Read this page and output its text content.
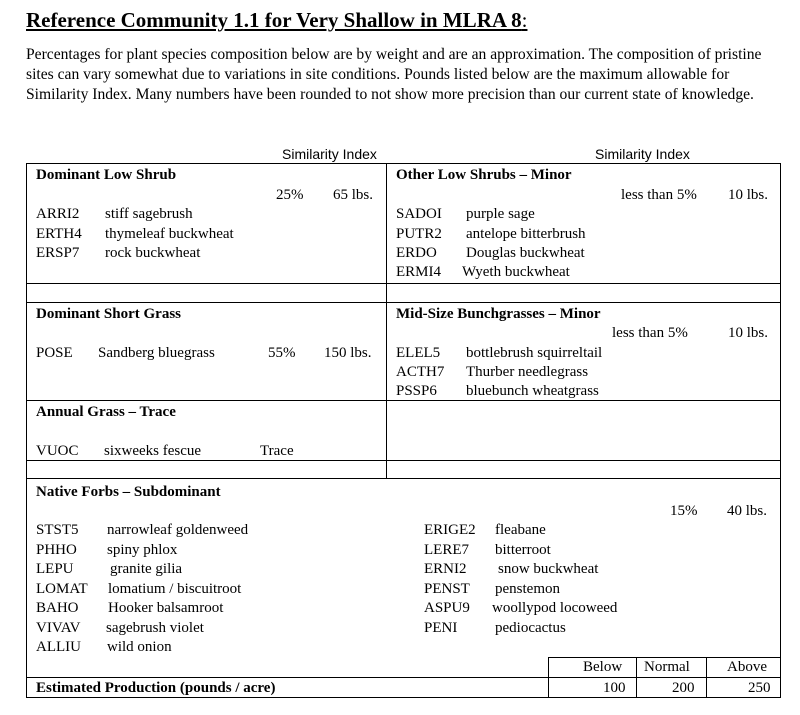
Reference Community 1.1 for Very Shallow in MLRA 8:
Percentages for plant species composition below are by weight and are an approximation. The composition of pristine sites can vary somewhat due to variations in site conditions. Pounds listed below are the maximum allowable for Similarity Index. Many numbers have been rounded to not show more precision than our current state of knowledge.
Similarity Index	Similarity Index
Dominant Low Shrub
25% 65 lbs.
ARRI2 stiff sagebrush
ERTH4 thymeleaf buckwheat
ERSP7 rock buckwheat
Other Low Shrubs – Minor
less than 5% 10 lbs.
SADOI purple sage
PUTR2 antelope bitterbrush
ERDO Douglas buckwheat
ERMI4 Wyeth buckwheat
Dominant Short Grass
POSE Sandberg bluegrass	55% 150 lbs.
Mid-Size Bunchgrasses – Minor
less than 5%	10 lbs.
ELEL5 bottlebrush squirreltail
ACTH7 Thurber needlegrass
PSSP6 bluebunch wheatgrass
Annual Grass – Trace
VUOC sixweeks fescue	Trace
Native Forbs – Subdominant
15% 40 lbs.
STST5 narrowleaf goldenweed
PHHO spiny phlox
LEPU granite gilia
LOMAT lomatium / biscuitroot
BAHO Hooker balsamroot
VIVAV sagebrush violet
ALLIU wild onion
ERIGE2 fleabane
LERE7 bitterroot
ERNI2 snow buckwheat
PENST penstemon
ASPU9 woollypod locoweed
PENI	pediocactus
Below Normal Above
Estimated Production (pounds / acre)	100	200	250
